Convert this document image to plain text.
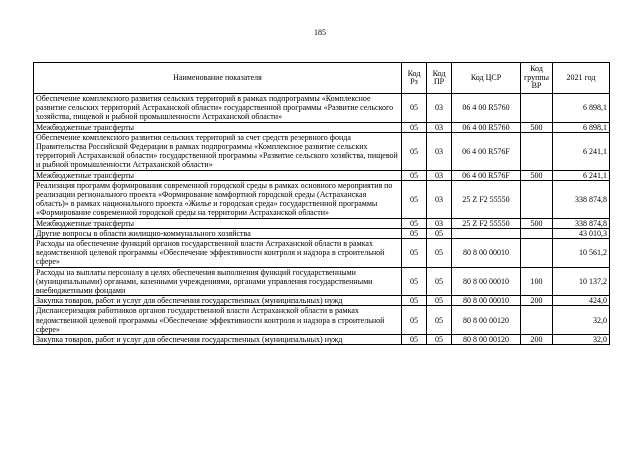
185
Наименование показателя	Код Рз	Код ПР	Код ЦСР	Код группы ВР	2021 год
Обеспечение комплексного развития сельских территорий в рамках подпрограммы «Комплексное развитие сельских территорий Астраханской области» государственной программы «Развитие сельского хозяйства, пищевой и рыбной промышленности Астраханской области»	05	03	06 4 00 R5760		6 898,1
Межбюджетные трансферты	05	03	06 4 00 R5760	500	6 898,1
Обеспечение комплексного развития сельских территорий за счет средств резервного фонда Правительства Российской Федерации в рамках подпрограммы «Комплексное развитие сельских территорий Астраханской области» государственной программы «Развитие сельского хозяйства, пищевой и рыбной промышленности Астраханской области»	05	03	06 4 00 R576F		6 241,1
Межбюджетные трансферты	05	03	06 4 00 R576F	500	6 241,1
Реализация программ формирования современной городской среды в рамках основного мероприятия по реализации регионального проекта «Формирование комфортной городской среды (Астраханская область)» в рамках национального проекта «Жилье и городская среда» государственной программы «Формирование современной городской среды на территории Астраханской области»	05	03	25 Z F2 55550		338 874,8
Межбюджетные трансферты	05	03	25 Z F2 55550	500	338 874,8
Другие вопросы в области жилищно-коммунального хозяйства	05	05			43 010,3
Расходы на обеспечение функций органов государственной власти Астраханской области в рамках ведомственной целевой программы «Обеспечение эффективности контроля и надзора в строительной сфере»	05	05	80 8 00 00010		10 561,2
Расходы на выплаты персоналу в целях обеспечения выполнения функций государственными (муниципальными) органами, казенными учреждениями, органами управления государственными внебюджетными фондами	05	05	80 8 00 00010	100	10 137,2
Закупка товаров, работ и услуг для обеспечения государственных (муниципальных) нужд	05	05	80 8 00 00010	200	424,0
Диспансеризация работников органов государственной власти Астраханской области в рамках ведомственной целевой программы «Обеспечение эффективности контроля и надзора в строительной сфере»	05	05	80 8 00 00120		32,0
Закупка товаров, работ и услуг для обеспечения государственных (муниципальных) нужд	05	05	80 8 00 00120	200	32,0
